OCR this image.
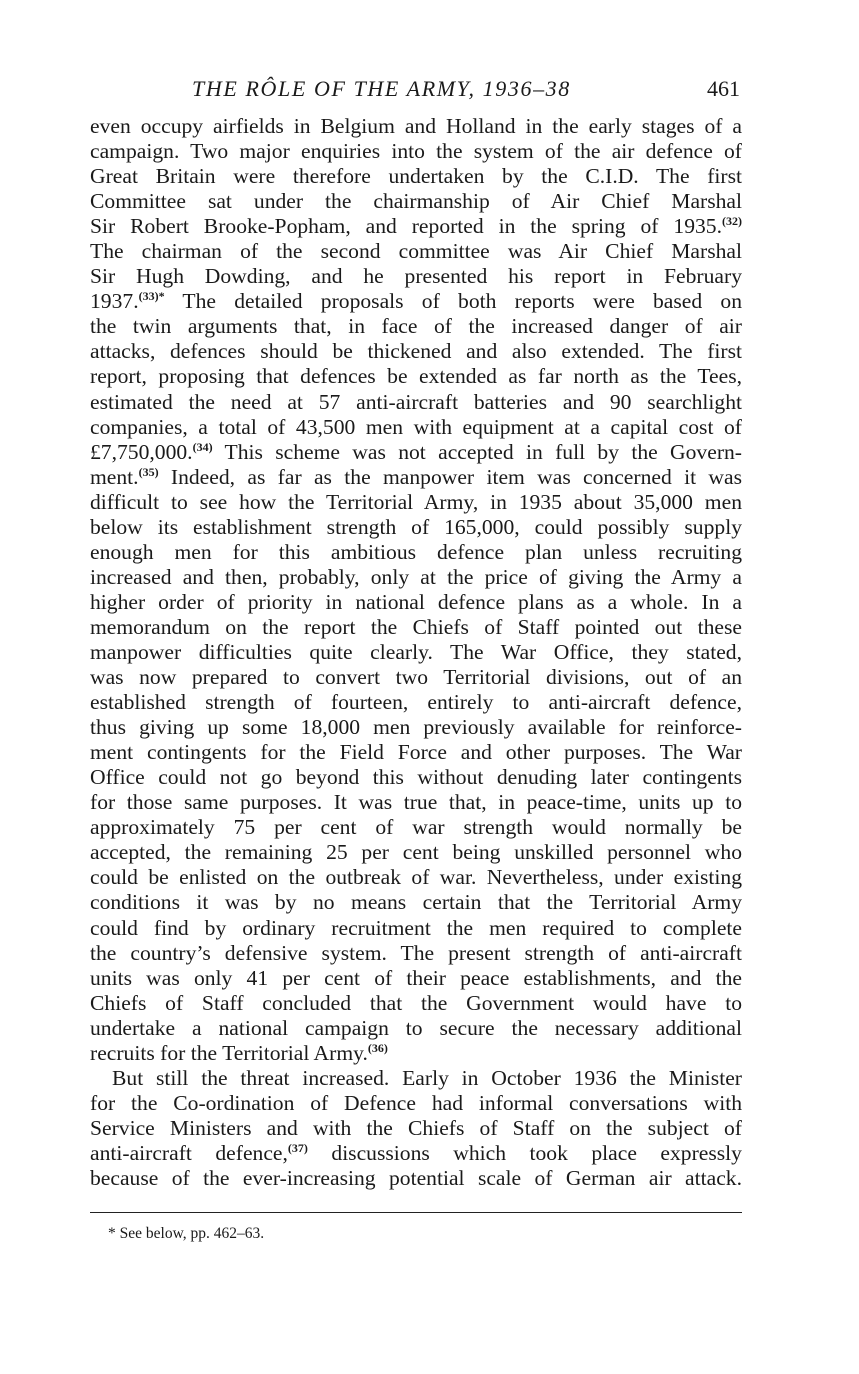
THE RÔLE OF THE ARMY, 1936–38	461
even occupy airfields in Belgium and Holland in the early stages of a
campaign. Two major enquiries into the system of the air defence of
Great Britain were therefore undertaken by the C.I.D. The first
Committee sat under the chairmanship of Air Chief Marshal
Sir Robert Brooke-Popham, and reported in the spring of 1935.$^{(32)}$
The chairman of the second committee was Air Chief Marshal
Sir Hugh Dowding, and he presented his report in February
1937.$^{(33)*}$ The detailed proposals of both reports were based on
the twin arguments that, in face of the increased danger of air
attacks, defences should be thickened and also extended. The first
report, proposing that defences be extended as far north as the Tees,
estimated the need at 57 anti-aircraft batteries and 90 searchlight
companies, a total of 43,500 men with equipment at a capital cost of
£7,750,000.$^{(34)}$ This scheme was not accepted in full by the Govern-
ment.$^{(35)}$ Indeed, as far as the manpower item was concerned it was
difficult to see how the Territorial Army, in 1935 about 35,000 men
below its establishment strength of 165,000, could possibly supply
enough men for this ambitious defence plan unless recruiting
increased and then, probably, only at the price of giving the Army a
higher order of priority in national defence plans as a whole. In a
memorandum on the report the Chiefs of Staff pointed out these
manpower difficulties quite clearly. The War Office, they stated,
was now prepared to convert two Territorial divisions, out of an
established strength of fourteen, entirely to anti-aircraft defence,
thus giving up some 18,000 men previously available for reinforce-
ment contingents for the Field Force and other purposes. The War
Office could not go beyond this without denuding later contingents
for those same purposes. It was true that, in peace-time, units up to
approximately 75 per cent of war strength would normally be
accepted, the remaining 25 per cent being unskilled personnel who
could be enlisted on the outbreak of war. Nevertheless, under existing
conditions it was by no means certain that the Territorial Army
could find by ordinary recruitment the men required to complete
the country’s defensive system. The present strength of anti-aircraft
units was only 41 per cent of their peace establishments, and the
Chiefs of Staff concluded that the Government would have to
undertake a national campaign to secure the necessary additional
recruits for the Territorial Army.$^{(36)}$
But still the threat increased. Early in October 1936 the Minister
for the Co-ordination of Defence had informal conversations with
Service Ministers and with the Chiefs of Staff on the subject of
anti-aircraft defence,$^{(37)}$ discussions which took place expressly
because of the ever-increasing potential scale of German air attack.
* See below, pp. 462–63.
